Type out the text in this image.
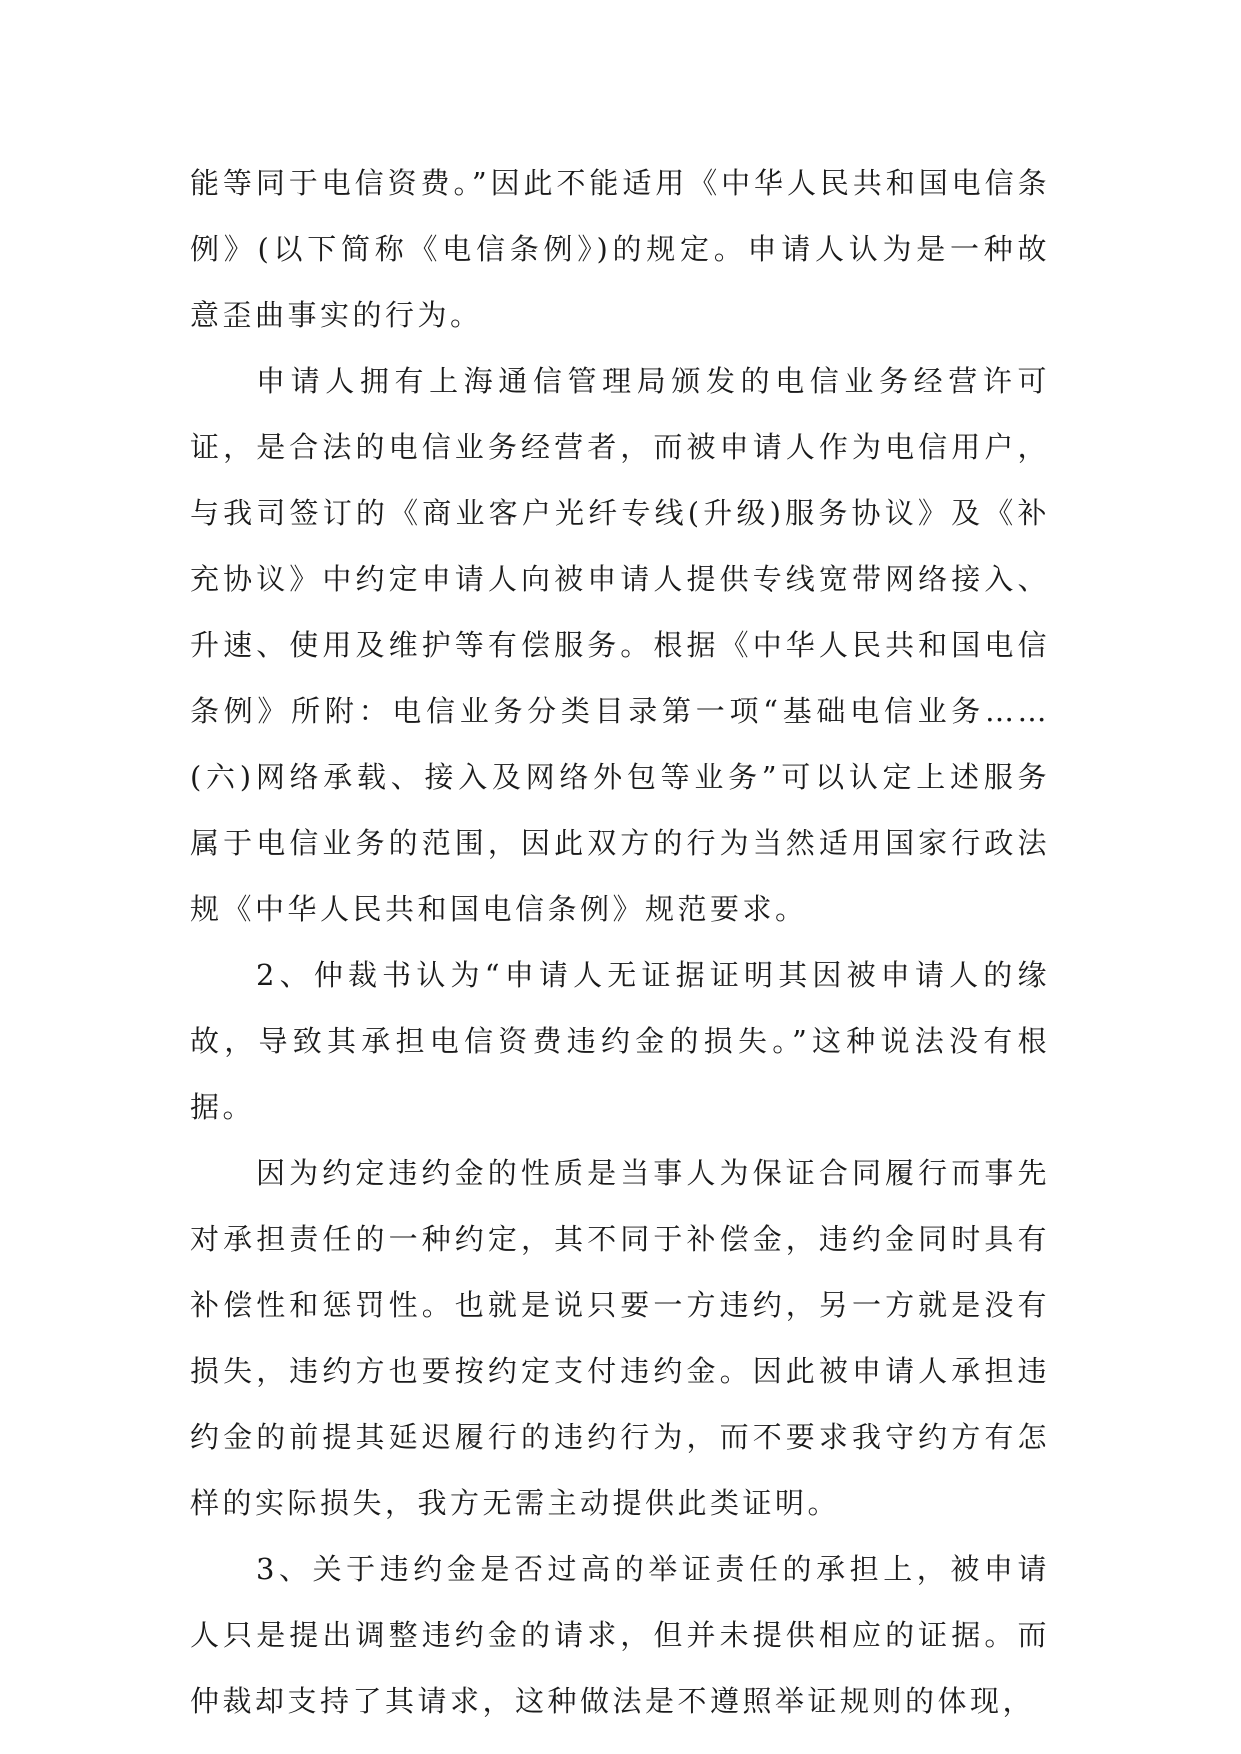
能等同于电信资费。”因此不能适用《中华人民共和国电信条例》(以下简称《电信条例》)的规定。申请人认为是一种故意歪曲事实的行为。

申请人拥有上海通信管理局颁发的电信业务经营许可证，是合法的电信业务经营者，而被申请人作为电信用户，与我司签订的《商业客户光纤专线(升级)服务协议》及《补充协议》中约定申请人向被申请人提供专线宽带网络接入、升速、使用及维护等有偿服务。根据《中华人民共和国电信条例》所附：电信业务分类目录第一项“基础电信业务……(六)网络承载、接入及网络外包等业务”可以认定上述服务属于电信业务的范围，因此双方的行为当然适用国家行政法规《中华人民共和国电信条例》规范要求。

2、仲裁书认为“申请人无证据证明其因被申请人的缘故，导致其承担电信资费违约金的损失。”这种说法没有根据。

因为约定违约金的性质是当事人为保证合同履行而事先对承担责任的一种约定，其不同于补偿金，违约金同时具有补偿性和惩罚性。也就是说只要一方违约，另一方就是没有损失，违约方也要按约定支付违约金。因此被申请人承担违约金的前提其延迟履行的违约行为，而不要求我守约方有怎样的实际损失，我方无需主动提供此类证明。

3、关于违约金是否过高的举证责任的承担上，被申请人只是提出调整违约金的请求，但并未提供相应的证据。而仲裁却支持了其请求，这种做法是不遵照举证规则的体现，
